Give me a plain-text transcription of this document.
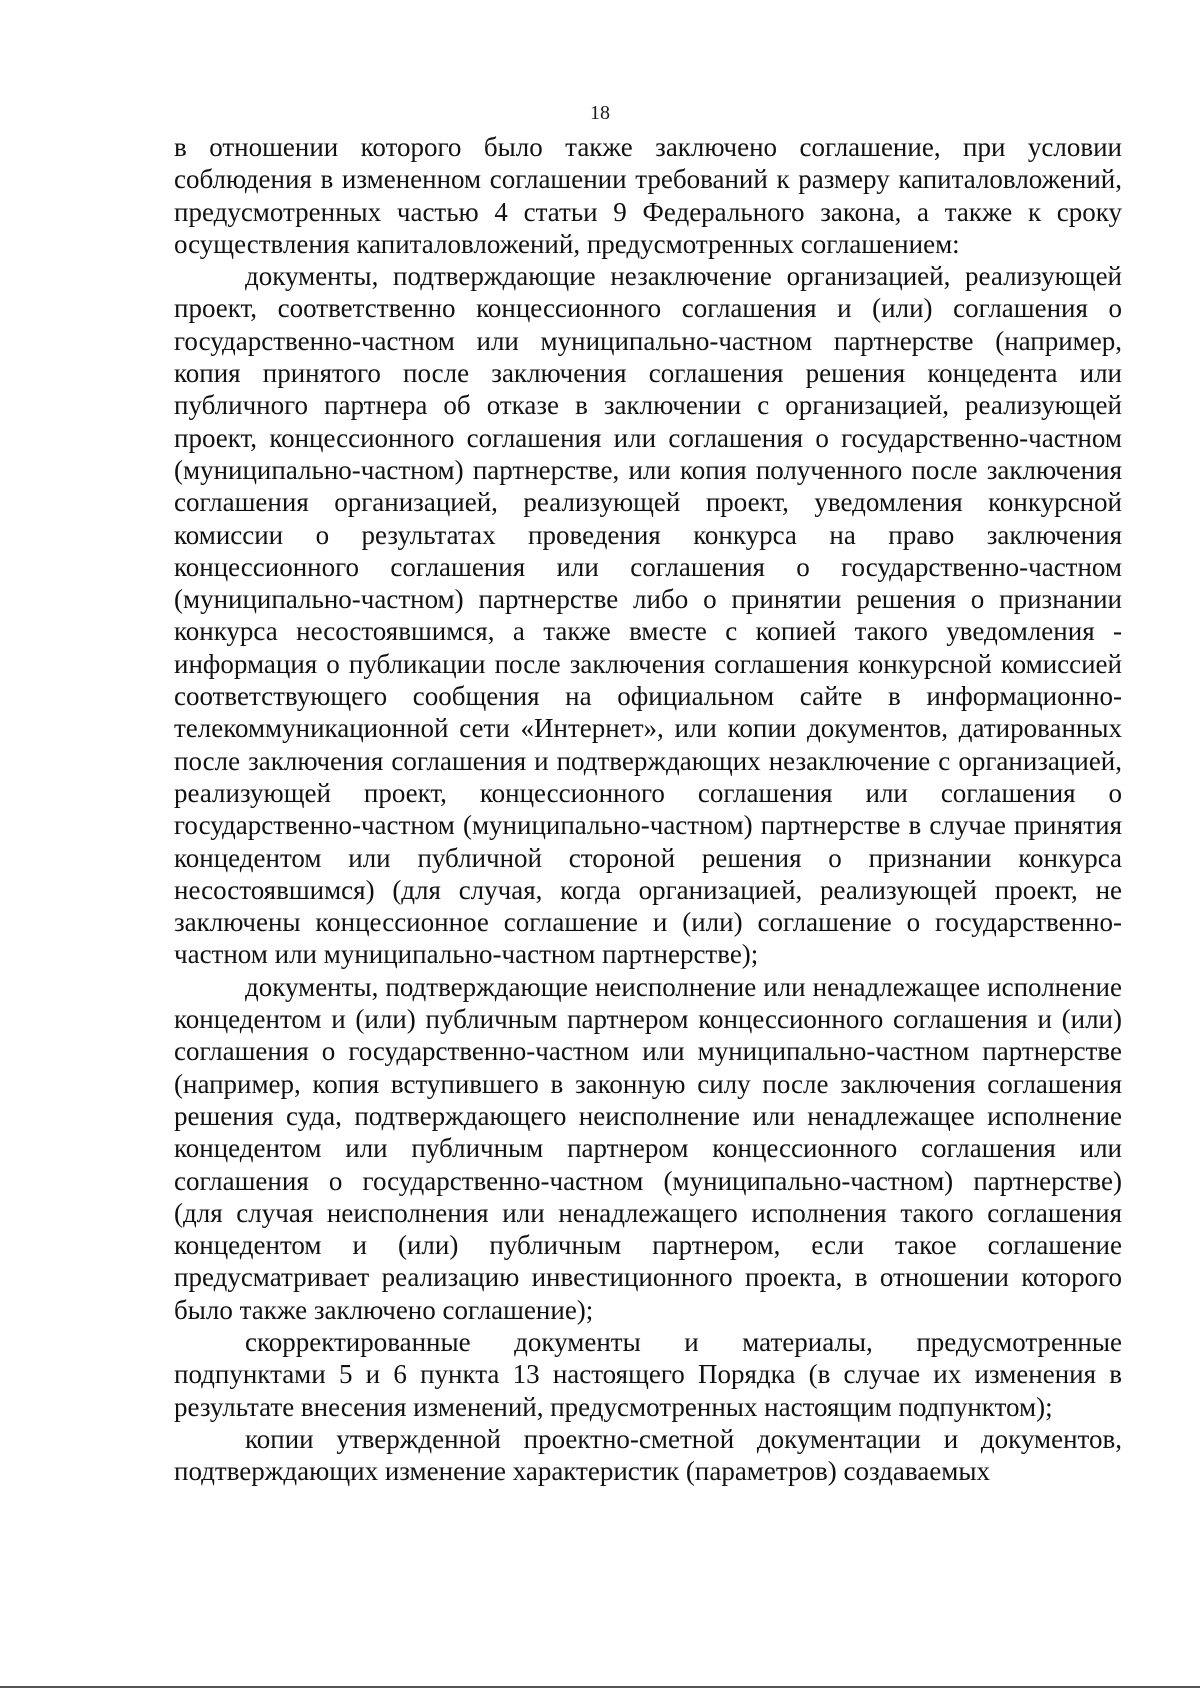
18

в отношении которого было также заключено соглашение, при условии соблюдения в измененном соглашении требований к размеру капиталовложений, предусмотренных частью 4 статьи 9 Федерального закона, а также к сроку осуществления капиталовложений, предусмотренных соглашением:

документы, подтверждающие незаключение организацией, реализующей проект, соответственно концессионного соглашения и (или) соглашения о государственно-частном или муниципально-частном партнерстве (например, копия принятого после заключения соглашения решения концедента или публичного партнера об отказе в заключении с организацией, реализующей проект, концессионного соглашения или соглашения о государственно-частном (муниципально-частном) партнерстве, или копия полученного после заключения соглашения организацией, реализующей проект, уведомления конкурсной комиссии о результатах проведения конкурса на право заключения концессионного соглашения или соглашения о государственно-частном (муниципально-частном) партнерстве либо о принятии решения о признании конкурса несостоявшимся, а также вместе с копией такого уведомления - информация о публикации после заключения соглашения конкурсной комиссией соответствующего сообщения на официальном сайте в информационно-телекоммуникационной сети «Интернет», или копии документов, датированных после заключения соглашения и подтверждающих незаключение с организацией, реализующей проект, концессионного соглашения или соглашения о государственно-частном (муниципально-частном) партнерстве в случае принятия концедентом или публичной стороной решения о признании конкурса несостоявшимся) (для случая, когда организацией, реализующей проект, не заключены концессионное соглашение и (или) соглашение о государственно-частном или муниципально-частном партнерстве);

документы, подтверждающие неисполнение или ненадлежащее исполнение концедентом и (или) публичным партнером концессионного соглашения и (или) соглашения о государственно-частном или муниципально-частном партнерстве (например, копия вступившего в законную силу после заключения соглашения решения суда, подтверждающего неисполнение или ненадлежащее исполнение концедентом или публичным партнером концессионного соглашения или соглашения о государственно-частном (муниципально-частном) партнерстве) (для случая неисполнения или ненадлежащего исполнения такого соглашения концедентом и (или) публичным партнером, если такое соглашение предусматривает реализацию инвестиционного проекта, в отношении которого было также заключено соглашение);

скорректированные документы и материалы, предусмотренные подпунктами 5 и 6 пункта 13 настоящего Порядка (в случае их изменения в результате внесения изменений, предусмотренных настоящим подпунктом);

копии утвержденной проектно-сметной документации и документов, подтверждающих изменение характеристик (параметров) создаваемых
